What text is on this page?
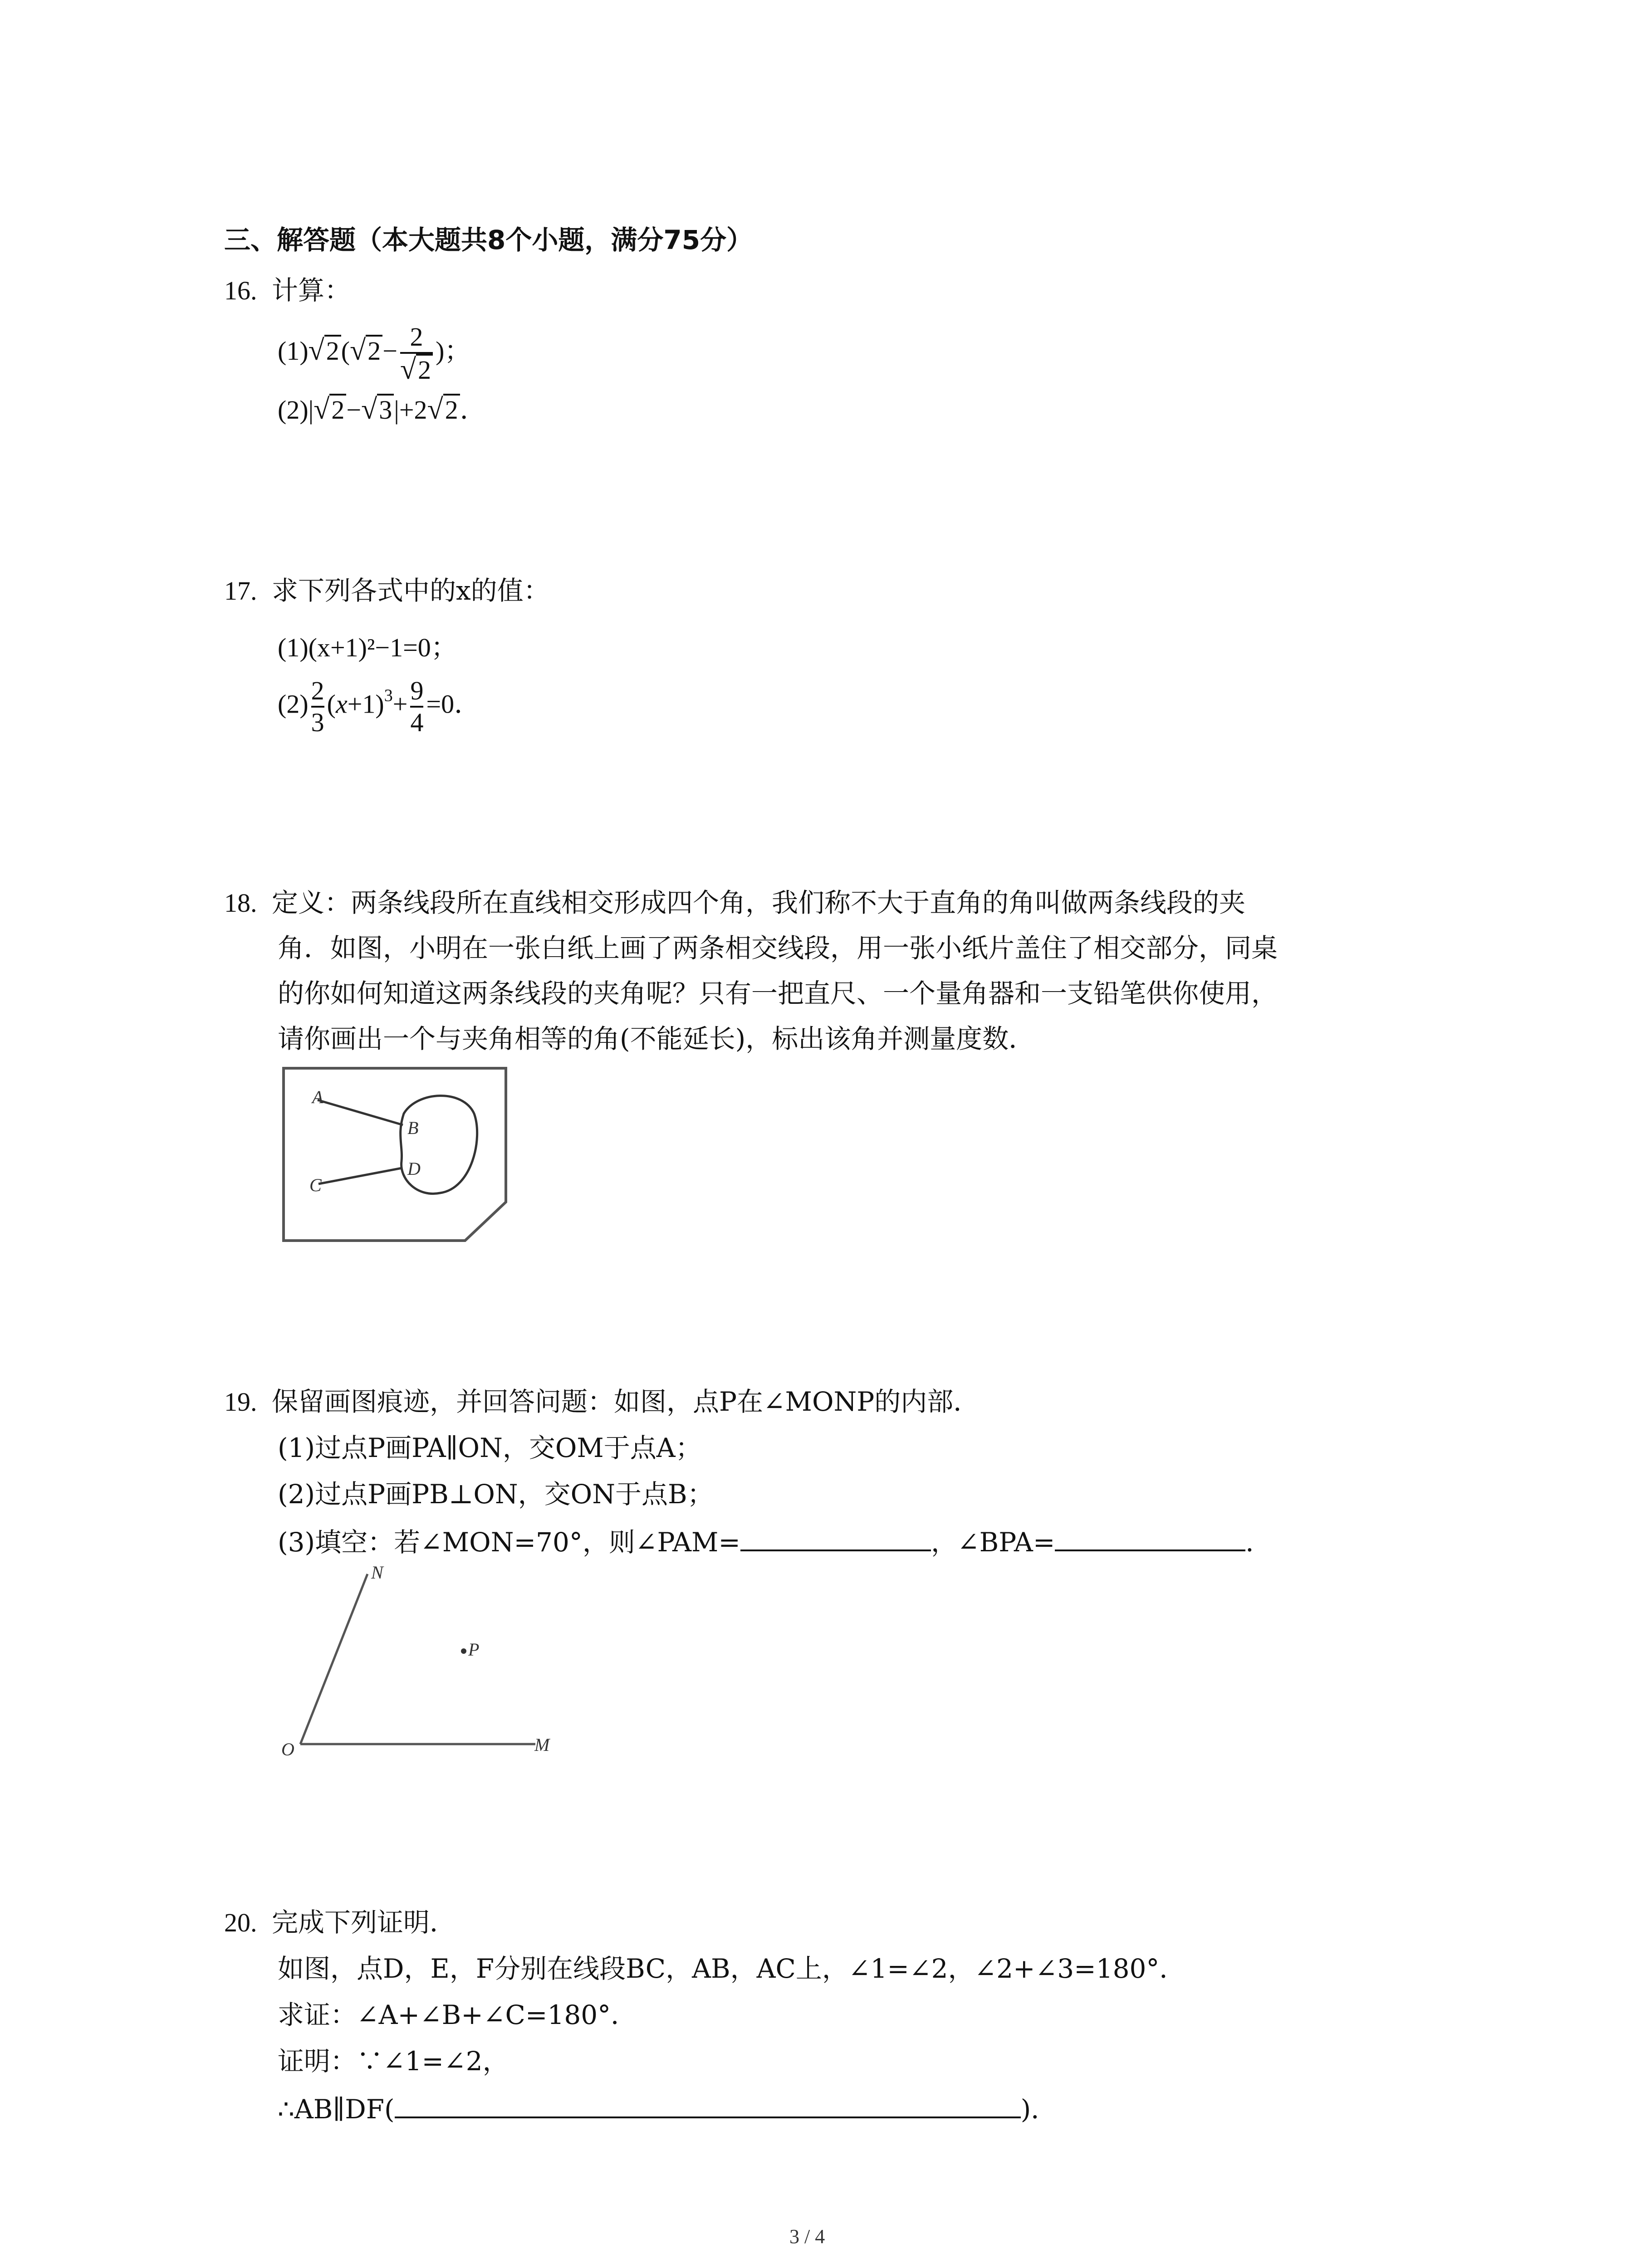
三、解答题（本大题共8个小题，满分75分）
16. 计算：
$(1)√2(√2- \frac{2}{√2}$ )；
(2)|√2−√3|+2√2．
17. 求下列各式中的x的值：
(1)(x+1)²−1=0；
$(2) \frac{2}{3} (x+1)^3+ \frac{9}{4} =0$．
18. 定义：两条线段所在直线相交形成四个角，我们称不大于直角的角叫做两条线段的夹
角．如图，小明在一张白纸上画了两条相交线段，用一张小纸片盖住了相交部分，同桌
的你如何知道这两条线段的夹角呢？只有一把直尺、一个量角器和一支铅笔供你使用，
请你画出一个与夹角相等的角(不能延长)，标出该角并测量度数．
A
B
C
D
19. 保留画图痕迹，并回答问题：如图，点P在∠MONP的内部．
(1)过点P画PA∥ON，交OM于点A；
(2)过点P画PB⊥ON，交ON于点B；
(3)填空：若∠MON=70°，则∠PAM=	，∠BPA=	．
N
P
O	M
20. 完成下列证明．
如图，点D，E，F分别在线段BC，AB，AC上，∠1=∠2，∠2+∠3=180°．
求证：∠A+∠B+∠C=180°．
证明：∵∠1=∠2，
∴AB∥DF(	)．
3 / 4
